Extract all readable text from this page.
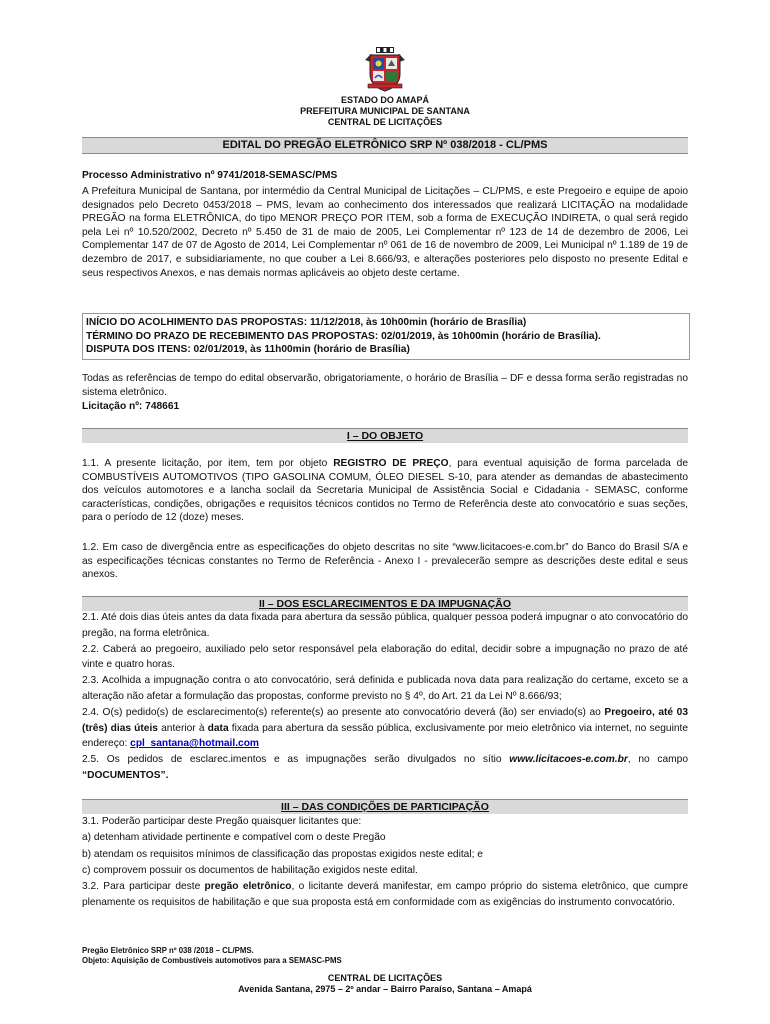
ESTADO DO AMAPÁ
PREFEITURA MUNICIPAL DE SANTANA
CENTRAL DE LICITAÇÕES
EDITAL DO PREGÃO ELETRÔNICO SRP Nº 038/2018 - CL/PMS
Processo Administrativo nº 9741/2018-SEMASC/PMS
A Prefeitura Municipal de Santana, por intermédio da Central Municipal de Licitações – CL/PMS, e este Pregoeiro e equipe de apoio designados pelo Decreto 0453/2018 – PMS, levam ao conhecimento dos interessados que realizará LICITAÇÃO na modalidade PREGÃO na forma ELETRÔNICA, do tipo MENOR PREÇO POR ITEM, sob a forma de EXECUÇÃO INDIRETA, o qual será regido pela Lei nº 10.520/2002, Decreto nº 5.450 de 31 de maio de 2005, Lei Complementar nº 123 de 14 de dezembro de 2006, Lei Complementar 147 de 07 de Agosto de 2014, Lei Complementar nº 061 de 16 de novembro de 2009, Lei Municipal nº 1.189 de 19 de dezembro de 2017, e subsidiariamente, no que couber a Lei 8.666/93, e alterações posteriores pelo disposto no presente Edital e seus respectivos Anexos, e nas demais normas aplicáveis ao objeto deste certame.
INÍCIO DO ACOLHIMENTO DAS PROPOSTAS: 11/12/2018, às 10h00min (horário de Brasília)
TÉRMINO DO PRAZO DE RECEBIMENTO DAS PROPOSTAS: 02/01/2019, às 10h00min (horário de Brasília).
DISPUTA DOS ITENS: 02/01/2019, às 11h00min (horário de Brasília)
Todas as referências de tempo do edital observarão, obrigatoriamente, o horário de Brasília – DF e dessa forma serão registradas no sistema eletrônico.
Licitação nº: 748661
I – DO OBJETO
1.1. A presente licitação, por item, tem por objeto REGISTRO DE PREÇO, para eventual aquisição de forma parcelada de COMBUSTÍVEIS AUTOMOTIVOS (TIPO GASOLINA COMUM, ÓLEO DIESEL S-10, para atender as demandas de abastecimento dos veículos automotores e a lancha soclail da Secretaria Municipal de Assistência Social e Cidadania - SEMASC, conforme características, condições, obrigações e requisitos técnicos contidos no Termo de Referência deste ato convocatório e suas seções, para o período de 12 (doze) meses.
1.2. Em caso de divergência entre as especificações do objeto descritas no site “www.licitacoes-e.com.br” do Banco do Brasil S/A e as especificações técnicas constantes no Termo de Referência - Anexo I - prevalecerão sempre as descrições deste edital e seus anexos.
II – DOS ESCLARECIMENTOS E DA IMPUGNAÇÃO
2.1. Até dois dias úteis antes da data fixada para abertura da sessão pública, qualquer pessoa poderá impugnar o ato convocatório do pregão, na forma eletrônica.
2.2. Caberá ao pregoeiro, auxiliado pelo setor responsável pela elaboração do edital, decidir sobre a impugnação no prazo de até vinte e quatro horas.
2.3. Acolhida a impugnação contra o ato convocatório, será definida e publicada nova data para realização do certame, exceto se a alteração não afetar a formulação das propostas, conforme previsto no § 4º, do Art. 21 da Lei Nº 8.666/93;
2.4. O(s) pedido(s) de esclarecimento(s) referente(s) ao presente ato convocatório deverá (ão) ser enviado(s) ao Pregoeiro, até 03 (três) dias úteis anterior à data fixada para abertura da sessão pública, exclusivamente por meio eletrônico via internet, no seguinte endereço: cpl_santana@hotmail.com
2.5. Os pedidos de esclarec.imentos e as impugnações serão divulgados no sítio www.licitacoes-e.com.br, no campo “DOCUMENTOS”.
III – DAS CONDIÇÕES DE PARTICIPAÇÃO
3.1. Poderão participar deste Pregão quaisquer licitantes que:
a) detenham atividade pertinente e compatível com o deste Pregão
b) atendam os requisitos mínimos de classificação das propostas exigidos neste edital; e
c) comprovem possuir os documentos de habilitação exigidos neste edital.
3.2. Para participar deste pregão eletrônico, o licitante deverá manifestar, em campo próprio do sistema eletrônico, que cumpre plenamente os requisitos de habilitação e que sua proposta está em conformidade com as exigências do instrumento convocatório.
Pregão Eletrônico SRP nº 038 /2018 – CL/PMS.
Objeto: Aquisição de Combustíveis automotivos para a SEMASC-PMS
CENTRAL DE LICITAÇÕES
Avenida Santana, 2975 – 2º andar – Bairro Paraíso, Santana – Amapá
